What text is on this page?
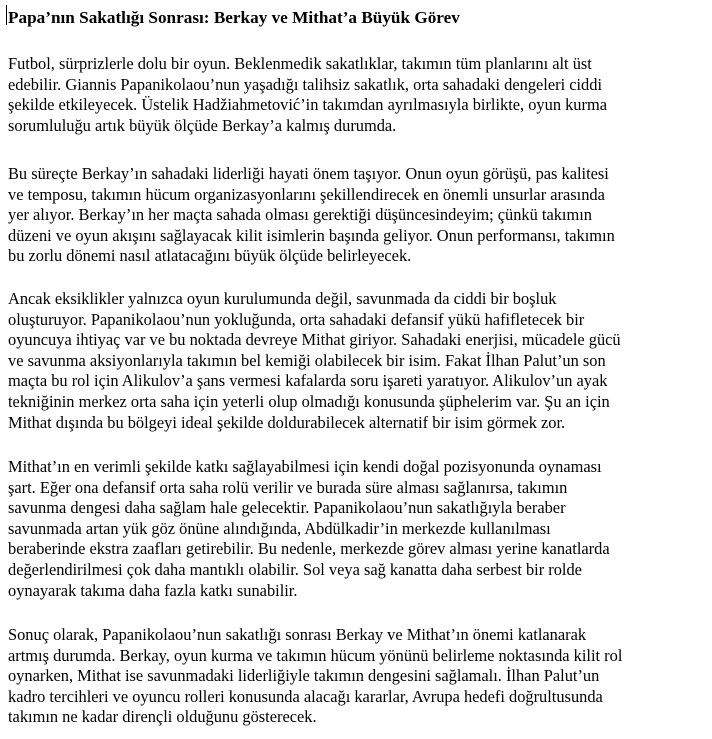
Papa’nın Sakatlığı Sonrası: Berkay ve Mithat’a Büyük Görev
Futbol, sürprizlerle dolu bir oyun. Beklenmedik sakatlıklar, takımın tüm planlarını alt üst
edebilir. Giannis Papanikolaou’nun yaşadığı talihsiz sakatlık, orta sahadaki dengeleri ciddi
şekilde etkileyecek. Üstelik Hadžiahmetović’in takımdan ayrılmasıyla birlikte, oyun kurma
sorumluluğu artık büyük ölçüde Berkay’a kalmış durumda.
Bu süreçte Berkay’ın sahadaki liderliği hayati önem taşıyor. Onun oyun görüşü, pas kalitesi
ve temposu, takımın hücum organizasyonlarını şekillendirecek en önemli unsurlar arasında
yer alıyor. Berkay’ın her maçta sahada olması gerektiği düşüncesindeyim; çünkü takımın
düzeni ve oyun akışını sağlayacak kilit isimlerin başında geliyor. Onun performansı, takımın
bu zorlu dönemi nasıl atlatacağını büyük ölçüde belirleyecek.
Ancak eksiklikler yalnızca oyun kurulumunda değil, savunmada da ciddi bir boşluk
oluşturuyor. Papanikolaou’nun yokluğunda, orta sahadaki defansif yükü hafifletecek bir
oyuncuya ihtiyaç var ve bu noktada devreye Mithat giriyor. Sahadaki enerjisi, mücadele gücü
ve savunma aksiyonlarıyla takımın bel kemiği olabilecek bir isim. Fakat İlhan Palut’un son
maçta bu rol için Alikulov’a şans vermesi kafalarda soru işareti yaratıyor. Alikulov’un ayak
tekniğinin merkez orta saha için yeterli olup olmadığı konusunda şüphelerim var. Şu an için
Mithat dışında bu bölgeyi ideal şekilde doldurabilecek alternatif bir isim görmek zor.
Mithat’ın en verimli şekilde katkı sağlayabilmesi için kendi doğal pozisyonunda oynaması
şart. Eğer ona defansif orta saha rolü verilir ve burada süre alması sağlanırsa, takımın
savunma dengesi daha sağlam hale gelecektir. Papanikolaou’nun sakatlığıyla beraber
savunmada artan yük göz önüne alındığında, Abdülkadir’in merkezde kullanılması
beraberinde ekstra zaafları getirebilir. Bu nedenle, merkezde görev alması yerine kanatlarda
değerlendirilmesi çok daha mantıklı olabilir. Sol veya sağ kanatta daha serbest bir rolde
oynayarak takıma daha fazla katkı sunabilir.
Sonuç olarak, Papanikolaou’nun sakatlığı sonrası Berkay ve Mithat’ın önemi katlanarak
artmış durumda. Berkay, oyun kurma ve takımın hücum yönünü belirleme noktasında kilit rol
oynarken, Mithat ise savunmadaki liderliğiyle takımın dengesini sağlamalı. İlhan Palut’un
kadro tercihleri ve oyuncu rolleri konusunda alacağı kararlar, Avrupa hedefi doğrultusunda
takımın ne kadar dirençli olduğunu gösterecek.
